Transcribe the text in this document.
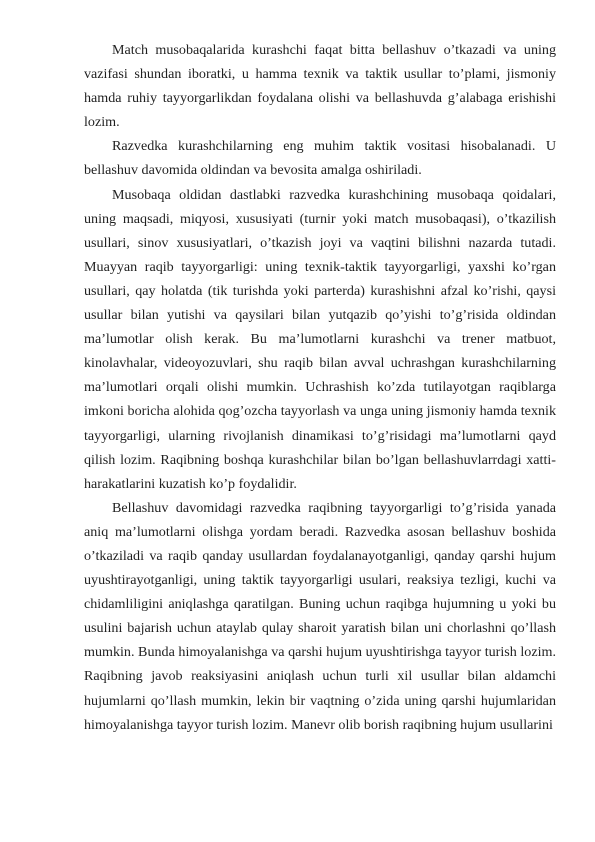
Match musobaqalarida kurashchi faqat bitta bellashuv o’tkazadi va uning vazifasi shundan iboratki, u hamma texnik va taktik usullar to’plami, jismoniy hamda ruhiy tayyorgarlikdan foydalana olishi va bellashuvda g’alabaga erishishi lozim.

Razvedka kurashchilarning eng muhim taktik vositasi hisobalanadi. U bellashuv davomida oldindan va bevosita amalga oshiriladi.

Musobaqa oldidan dastlabki razvedka kurashchining musobaqa qoidalari, uning maqsadi, miqyosi, xususiyati (turnir yoki match musobaqasi), o’tkazilish usullari, sinov xususiyatlari, o’tkazish joyi va vaqtini bilishni nazarda tutadi. Muayyan raqib tayyorgarligi: uning texnik-taktik tayyorgarligi, yaxshi ko’rgan usullari, qay holatda (tik turishda yoki parterda) kurashishni afzal ko’rishi, qaysi usullar bilan yutishi va qaysilari bilan yutqazib qo’yishi to’g’risida oldindan ma’lumotlar olish kerak. Bu ma’lumotlarni kurashchi va trener matbuot, kinolavhalar, videoyozuvlari, shu raqib bilan avval uchrashgan kurashchilarning ma’lumotlari orqali olishi mumkin. Uchrashish ko’zda tutilayotgan raqiblarga imkoni boricha alohida qog’ozcha tayyorlash va unga uning jismoniy hamda texnik tayyorgarligi, ularning rivojlanish dinamikasi to’g’risidagi ma’lumotlarni qayd qilish lozim. Raqibning boshqa kurashchilar bilan bo’lgan bellashuvlarrdagi xatti-harakatlarini kuzatish ko’p foydalidir.

Bellashuv davomidagi razvedka raqibning tayyorgarligi to’g’risida yanada aniq ma’lumotlarni olishga yordam beradi. Razvedka asosan bellashuv boshida o’tkaziladi va raqib qanday usullardan foydalanayotganligi, qanday qarshi hujum uyushtirayotganligi, uning taktik tayyorgarligi usulari, reaksiya tezligi, kuchi va chidamliligini aniqlashga qaratilgan. Buning uchun raqibga hujumning u yoki bu usulini bajarish uchun ataylab qulay sharoit yaratish bilan uni chorlashni qo’llash mumkin. Bunda himoyalanishga va qarshi hujum uyushtirishga tayyor turish lozim. Raqibning javob reaksiyasini aniqlash uchun turli xil usullar bilan aldamchi hujumlarni qo’llash mumkin, lekin bir vaqtning o’zida uning qarshi hujumlaridan himoyalanishga tayyor turish lozim. Manevr olib borish raqibning hujum usullarini
